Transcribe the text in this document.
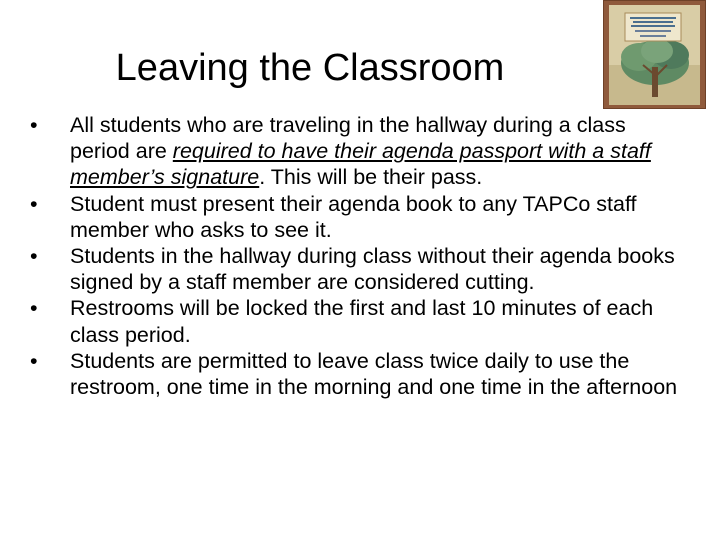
Leaving the Classroom
•	All students who are traveling in the hallway during a class period are required to have their agenda passport with a staff member’s signature. This will be their pass.
•	Student must present their agenda book to any TAPCo staff member who asks to see it.
•	Students in the hallway during class without their agenda books signed by a staff member are considered cutting.
•	Restrooms will be locked the first and last 10 minutes of each class period.
•	Students are permitted to leave class twice daily to use the restroom, one time in the morning and one time in the afternoon
